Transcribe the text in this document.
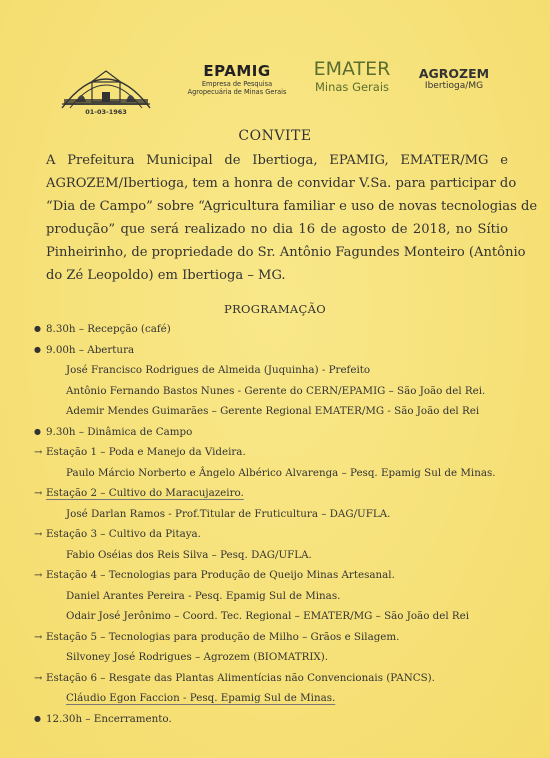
01-03-1963
EPAMIG
Empresa de Pesquisa
Agropecuária de Minas Gerais
EMATER
Minas Gerais
AGROZEM
Ibertioga/MG
CONVITE
A Prefeitura Municipal de Ibertioga, EPAMIG, EMATER/MG e
AGROZEM/Ibertioga, tem a honra de convidar V.Sa. para participar do
“Dia de Campo” sobre “Agricultura familiar e uso de novas tecnologias de
produção” que será realizado no dia 16 de agosto de 2018, no Sítio
Pinheirinho, de propriedade do Sr. Antônio Fagundes Monteiro (Antônio
do Zé Leopoldo) em Ibertioga – MG.
PROGRAMAÇÃO
● 8.30h – Recepção (café)
● 9.00h – Abertura
José Francisco Rodrigues de Almeida (Juquinha) - Prefeito
Antônio Fernando Bastos Nunes - Gerente do CERN/EPAMIG – São João del Rei.
Ademir Mendes Guimarães – Gerente Regional EMATER/MG - São João del Rei
● 9.30h – Dinâmica de Campo
→ Estação 1 – Poda e Manejo da Videira.
Paulo Márcio Norberto e Ângelo Albérico Alvarenga – Pesq. Epamig Sul de Minas.
→ Estação 2 – Cultivo do Maracujazeiro.
José Darlan Ramos - Prof.Titular de Fruticultura – DAG/UFLA.
→ Estação 3 – Cultivo da Pitaya.
Fabio Oséias dos Reis Silva – Pesq. DAG/UFLA.
→ Estação 4 – Tecnologias para Produção de Queijo Minas Artesanal.
Daniel Arantes Pereira - Pesq. Epamig Sul de Minas.
Odair José Jerônimo – Coord. Tec. Regional – EMATER/MG – São João del Rei
→ Estação 5 – Tecnologias para produção de Milho – Grãos e Silagem.
Silvoney José Rodrigues – Agrozem (BIOMATRIX).
→ Estação 6 – Resgate das Plantas Alimentícias não Convencionais (PANCS).
Cláudio Egon Faccion - Pesq. Epamig Sul de Minas.
● 12.30h – Encerramento.
